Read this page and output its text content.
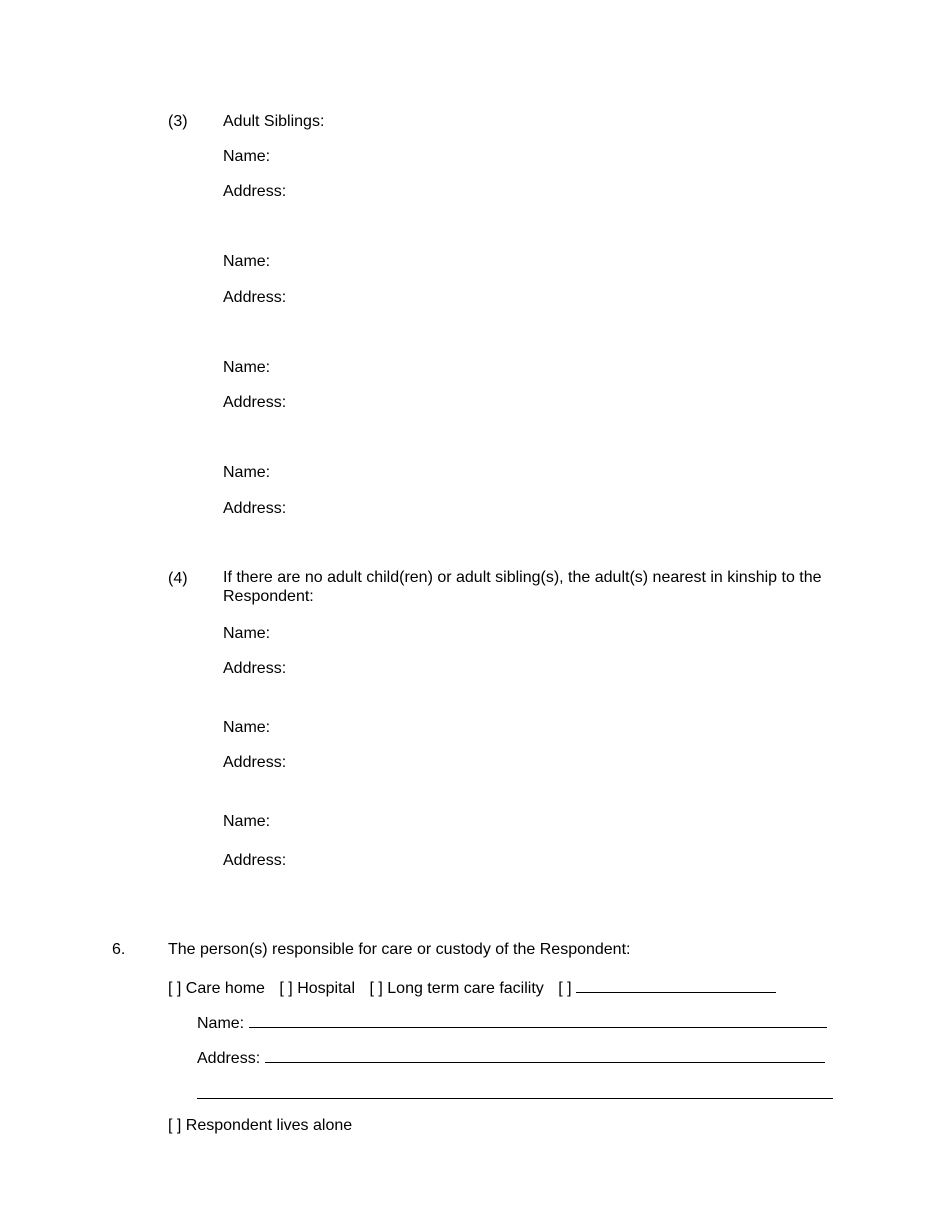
(3) Adult Siblings:
Name:
Address:
Name:
Address:
Name:
Address:
Name:
Address:
(4) If there are no adult child(ren) or adult sibling(s), the adult(s) nearest in kinship to the Respondent:
Name:
Address:
Name:
Address:
Name:
Address:
6.	The person(s) responsible for care or custody of the Respondent:
[ ] Care home [ ] Hospital [ ] Long term care facility [ ]
Name:
Address:
[ ] Respondent lives alone
